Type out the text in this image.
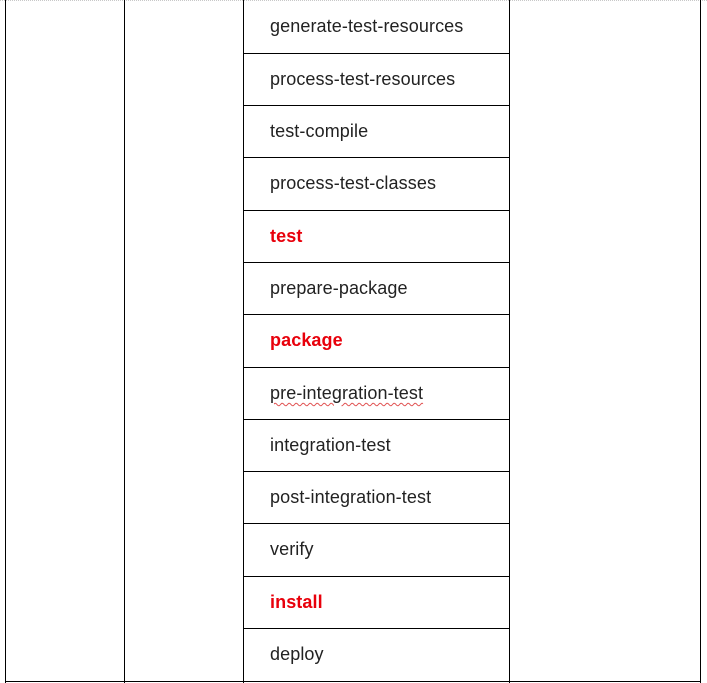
generate-test-resources
process-test-resources
test-compile
process-test-classes
test
prepare-package
package
pre-integration-test
integration-test
post-integration-test
verify
install
deploy
